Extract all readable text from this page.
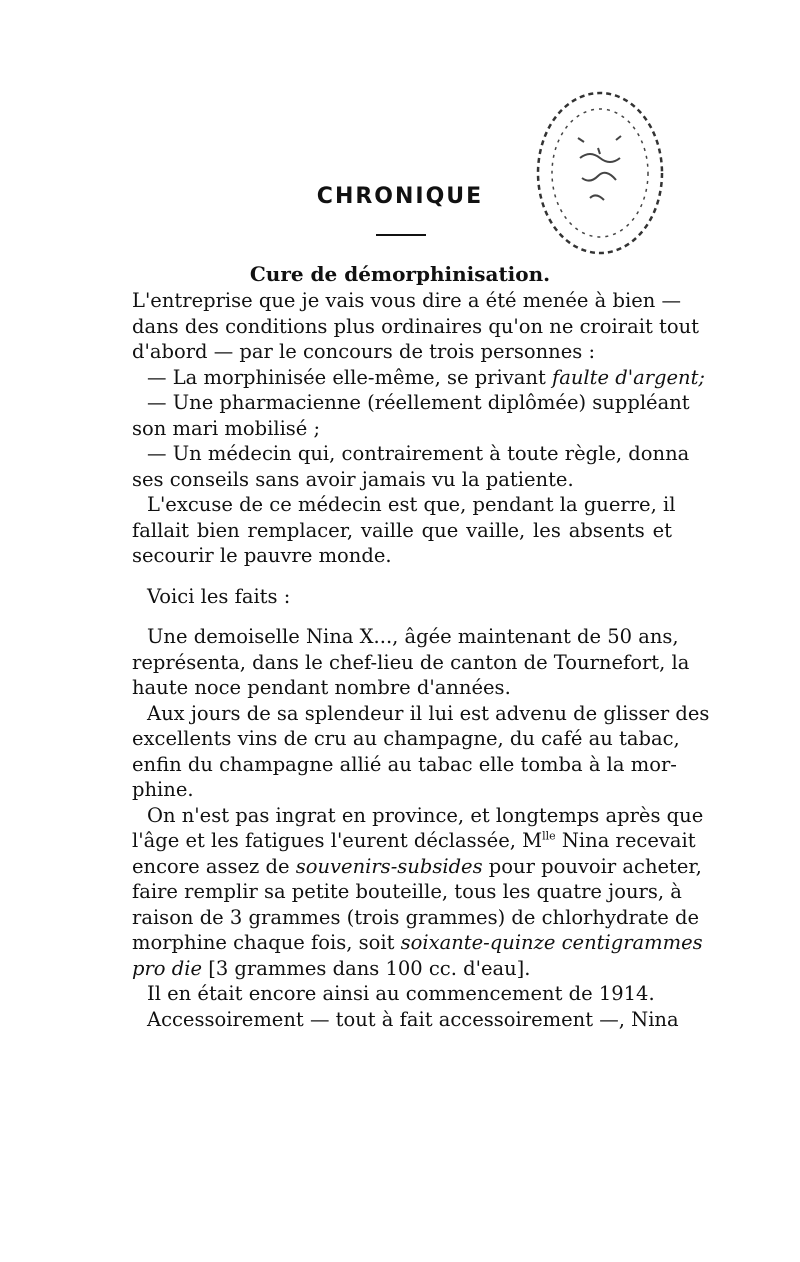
CHRONIQUE
Cure de démorphinisation.

L'entreprise que je vais vous dire a été menée à bien —
dans des conditions plus ordinaires qu'on ne croirait tout
d'abord — par le concours de trois personnes :

— La morphinisée elle-même, se privant faulte d'argent;

— Une pharmacienne (réellement diplômée) suppléant
son mari mobilisé ;

— Un médecin qui, contrairement à toute règle, donna
ses conseils sans avoir jamais vu la patiente.

L'excuse de ce médecin est que, pendant la guerre, il
fallait bien remplacer, vaille que vaille, les absents et
secourir le pauvre monde.

Voici les faits :

Une demoiselle Nina X..., âgée maintenant de 50 ans,
représenta, dans le chef-lieu de canton de Tournefort, la
haute noce pendant nombre d'années.

Aux jours de sa splendeur il lui est advenu de glisser des
excellents vins de cru au champagne, du café au tabac,
enfin du champagne allié au tabac elle tomba à la mor-
phine.

On n'est pas ingrat en province, et longtemps après que
l'âge et les fatigues l'eurent déclassée, $M^{lle}$ Nina recevait
encore assez de souvenirs-subsides pour pouvoir acheter,
faire remplir sa petite bouteille, tous les quatre jours, à
raison de 3 grammes (trois grammes) de chlorhydrate de
morphine chaque fois, soit soixante-quinze centigrammes
pro die [3 grammes dans 100 cc. d'eau].

Il en était encore ainsi au commencement de 1914.

Accessoirement — tout à fait accessoirement —, Nina
